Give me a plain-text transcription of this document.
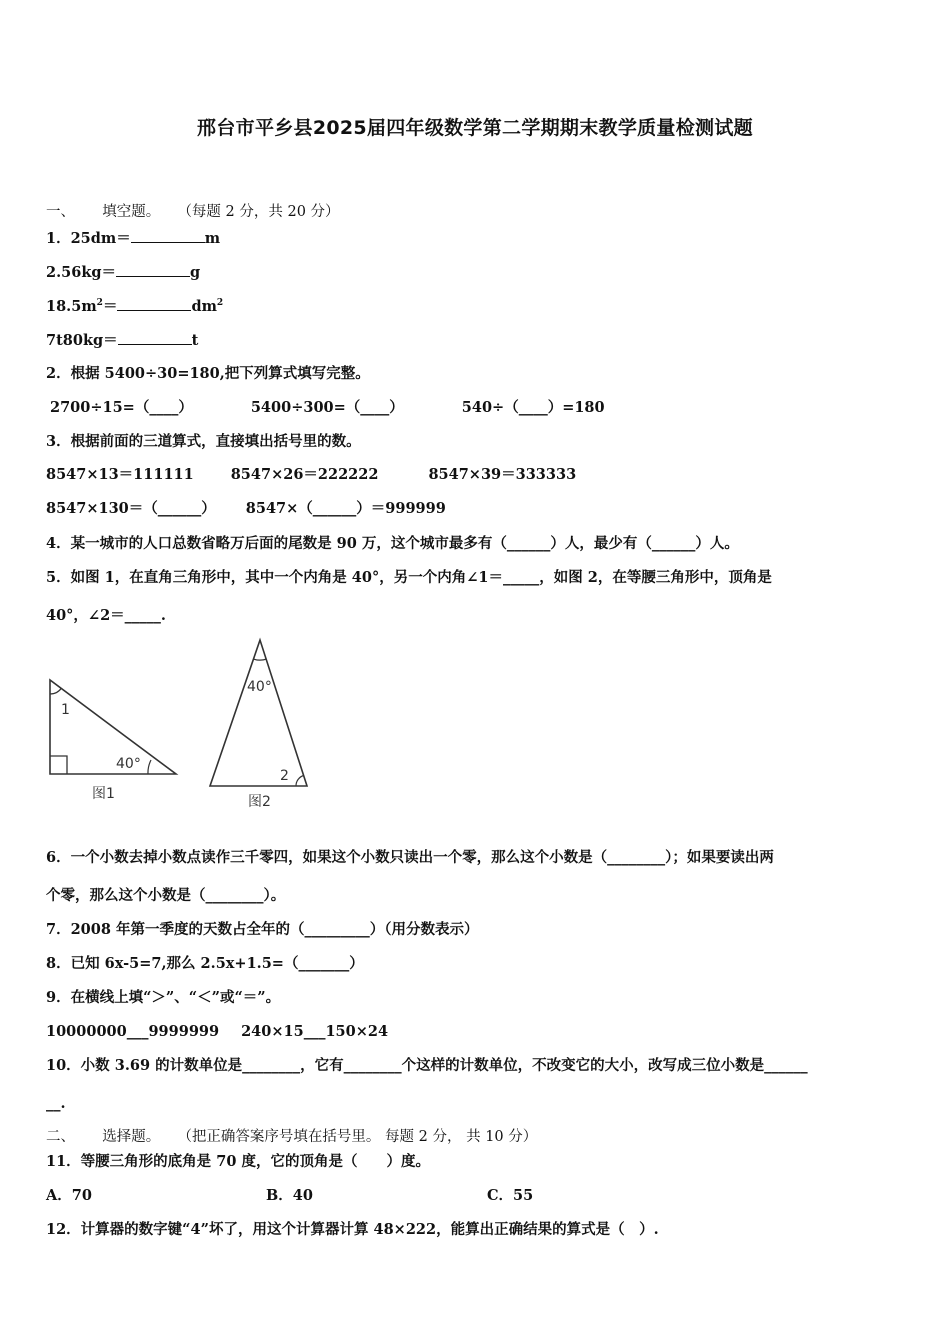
邢台市平乡县2025届四年级数学第二学期期末教学质量检测试题
一、 填空题。 （每题 2 分，共 20 分）
1．25dm＝	m
2.56kg＝	g
$18.5m^2=$	$dm^2$
7t80kg＝	t
2．根据 5400÷30=180,把下列算式填写完整。
2700÷15=（____）	5400÷300=（____）	540÷（____）=180
3．根据前面的三道算式，直接填出括号里的数。
8547×13＝111111	8547×26＝222222	8547×39＝333333
8547×130＝（______） 8547×（______）＝999999
4．某一城市的人口总数省略万后面的尾数是 90 万，这个城市最多有（______）人，最少有（______）人。
5．如图 1，在直角三角形中，其中一个内角是 40°，另一个内角∠1＝_____，如图 2，在等腰三角形中，顶角是
40°，∠2＝_____.
1
40°
图1
40°
2
图2
6．一个小数去掉小数点读作三千零四，如果这个小数只读出一个零，那么这个小数是（________）；如果要读出两
个零，那么这个小数是（________）。
7．2008 年第一季度的天数占全年的（_________）（用分数表示）
8．已知 6x-5=7,那么 2.5x+1.5=（_______）
9．在横线上填“＞”、“＜”或“＝”。
10000000___9999999 240×15___150×24
10．小数 3.69 的计数单位是________，它有________个这样的计数单位，不改变它的大小，改写成三位小数是______
__.
二、 选择题。 （把正确答案序号填在括号里。 每题 2 分， 共 10 分）
11．等腰三角形的底角是 70 度，它的顶角是（　　）度。
A．70	B．40	C．55
12．计算器的数字键“4”坏了，用这个计算器计算 48×222，能算出正确结果的算式是（　）.
